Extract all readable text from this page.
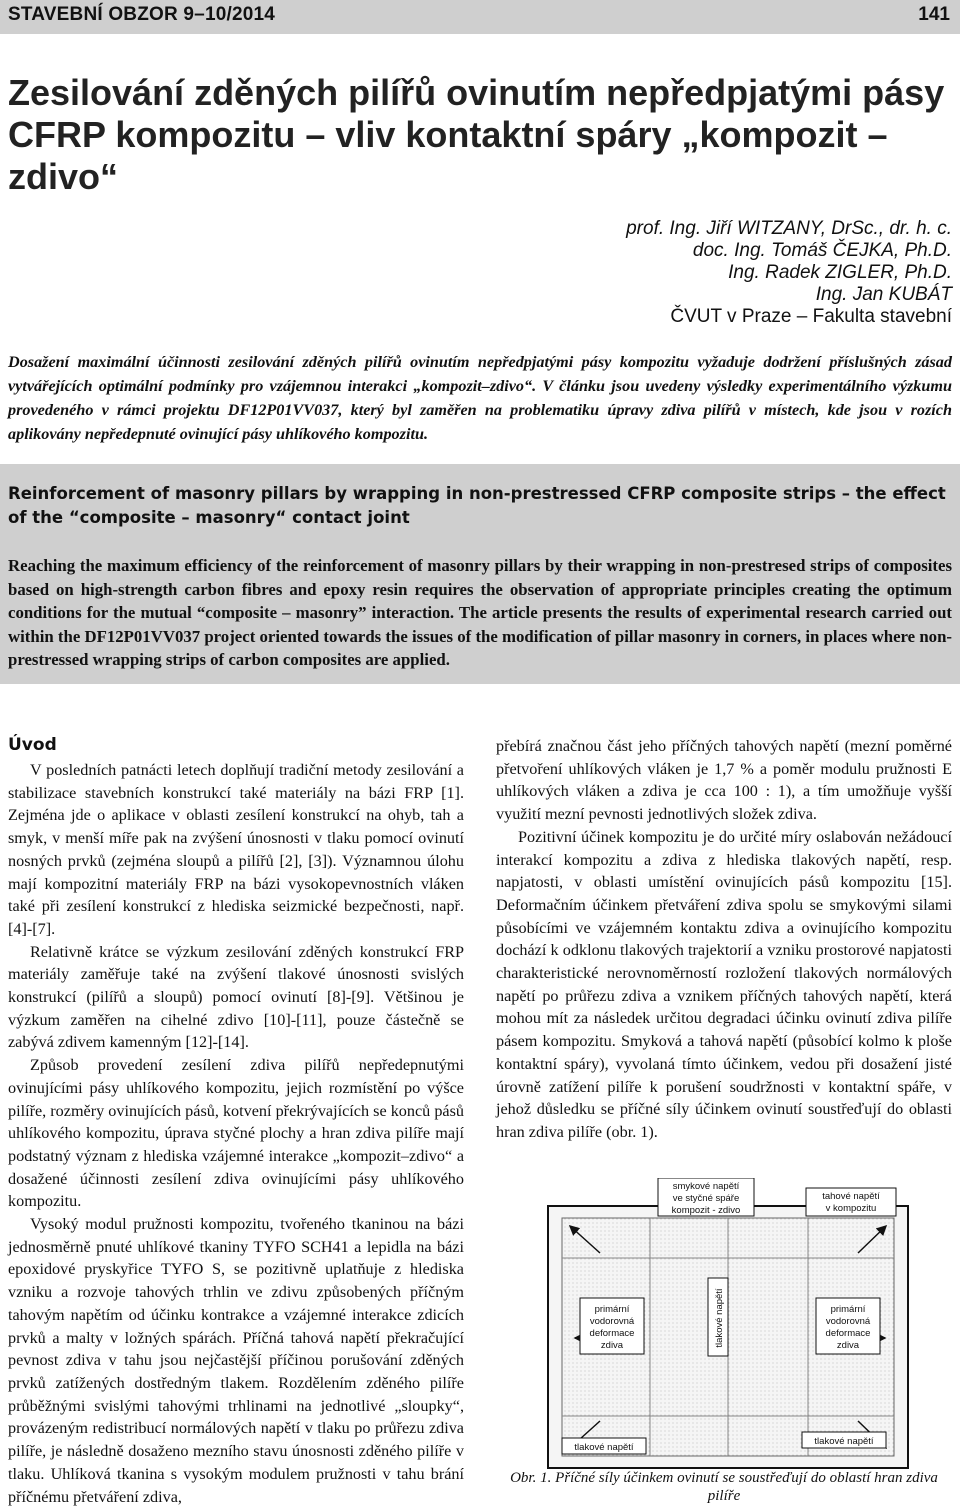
STAVEBNÍ OBZOR 9–10/2014	141
Zesilování zděných pilířů ovinutím nepředpjatými pásy CFRP kompozitu – vliv kontaktní spáry „kompozit – zdivo“
prof. Ing. Jiří WITZANY, DrSc., dr. h. c.
doc. Ing. Tomáš ČEJKA, Ph.D.
Ing. Radek ZIGLER, Ph.D.
Ing. Jan KUBÁT
ČVUT v Praze – Fakulta stavební
Dosažení maximální účinnosti zesilování zděných pilířů ovinutím nepředpjatými pásy kompozitu vyžaduje dodržení příslušných zásad vytvářejících optimální podmínky pro vzájemnou interakci „kompozit–zdivo“. V článku jsou uvedeny výsledky experimentálního výzkumu provedeného v rámci projektu DF12P01VV037, který byl zaměřen na problematiku úpravy zdiva pilířů v místech, kde jsou v rozích aplikovány nepředepnuté ovinující pásy uhlíkového kompozitu.
Reinforcement of masonry pillars by wrapping in non-prestressed CFRP composite strips – the effect of the “composite – masonry“ contact joint
Reaching the maximum efficiency of the reinforcement of masonry pillars by their wrapping in non-prestresed strips of composites based on high-strength carbon fibres and epoxy resin requires the observation of appropriate principles creating the optimum conditions for the mutual “composite – masonry” interaction. The article presents the results of experimental research carried out within the DF12P01VV037 project oriented towards the issues of the modification of pillar masonry in corners, in places where non-prestressed wrapping strips of carbon composites are applied.
Úvod

V posledních patnácti letech doplňují tradiční metody zesilování a stabilizace stavebních konstrukcí také materiály na bázi FRP [1]. Zejména jde o aplikace v oblasti zesílení konstrukcí na ohyb, tah a smyk, v menší míře pak na zvýšení únosnosti v tlaku pomocí ovinutí nosných prvků (zejména sloupů a pilířů [2], [3]). Významnou úlohu mají kompozitní materiály FRP na bázi vysokopevnostních vláken také při zesílení konstrukcí z hlediska seizmické bezpečnosti, např. [4]-[7].

Relativně krátce se výzkum zesilování zděných konstrukcí FRP materiály zaměřuje také na zvýšení tlakové únosnosti svislých konstrukcí (pilířů a sloupů) pomocí ovinutí [8]-[9]. Většinou je výzkum zaměřen na cihelné zdivo [10]-[11], pouze částečně se zabývá zdivem kamenným [12]-[14].

Způsob provedení zesílení zdiva pilířů nepředepnutými ovinujícími pásy uhlíkového kompozitu, jejich rozmístění po výšce pilíře, rozměry ovinujících pásů, kotvení překrývajících se konců pásů uhlíkového kompozitu, úprava styčné plochy a hran zdiva pilíře mají podstatný význam z hlediska vzájemné interakce „kompozit–zdivo“ a dosažené účinnosti zesílení zdiva ovinujícími pásy uhlíkového kompozitu.

Vysoký modul pružnosti kompozitu, tvořeného tkaninou na bázi jednosměrně pnuté uhlíkové tkaniny TYFO SCH41 a lepidla na bázi epoxidové pryskyřice TYFO S, se pozitivně uplatňuje z hlediska vzniku a rozvoje tahových trhlin ve zdivu způsobených příčným tahovým napětím od účinku kontrakce a vzájemné interakce zdicích prvků a malty v ložných spárách. Příčná tahová napětí překračující pevnost zdiva v tahu jsou nejčastější příčinou porušování zděných prvků zatížených dostředným tlakem. Rozdělením zděného pilíře průběžnými svislými tahovými trhlinami na jednotlivé „sloupky“, provázeným redistribucí normálových napětí v tlaku po průřezu zdiva pilíře, je následně dosaženo mezního stavu únosnosti zděného pilíře v tlaku. Uhlíková tkanina s vysokým modulem pružnosti v tahu brání příčnému přetváření zdiva,

přebírá značnou část jeho příčných tahových napětí (mezní poměrné přetvoření uhlíkových vláken je 1,7 % a poměr modulu pružnosti E uhlíkových vláken a zdiva je cca 100 : 1), a tím umožňuje vyšší využití mezní pevnosti jednotlivých složek zdiva.

Pozitivní účinek kompozitu je do určité míry oslabován nežádoucí interakcí kompozitu a zdiva z hlediska tlakových napětí, resp. napjatosti, v oblasti umístění ovinujících pásů kompozitu [15]. Deformačním účinkem přetváření zdiva spolu se smykovými silami působícími ve vzájemném kontaktu zdiva a ovinujícího kompozitu dochází k odklonu tlakových trajektorií a vzniku prostorové napjatosti charakteristické nerovnoměrností rozložení tlakových normálových napětí po průřezu zdiva a vznikem příčných tahových napětí, která mohou mít za následek určitou degradaci účinku ovinutí zdiva pilíře pásem kompozitu. Smyková a tahová napětí (působící kolmo k ploše kontaktní spáry), vyvolaná tímto účinkem, vedou při dosažení jisté úrovně zatížení pilíře k porušení soudržnosti v kontaktní spáře, v jehož důsledku se příčné síly účinkem ovinutí soustřeďují do oblasti hran zdiva pilíře (obr. 1).

smykové napětí
ve styčné spáře
kompozit - zdivo
tahové napětí
v kompozitu
primární
vodorovná
deformace
zdiva
primární
vodorovná
deformace
zdiva
tlakové napětí
tlakové napětí
tlakové napětí
Obr. 1. Příčné síly účinkem ovinutí se soustřeďují do oblastí hran zdiva pilíře
